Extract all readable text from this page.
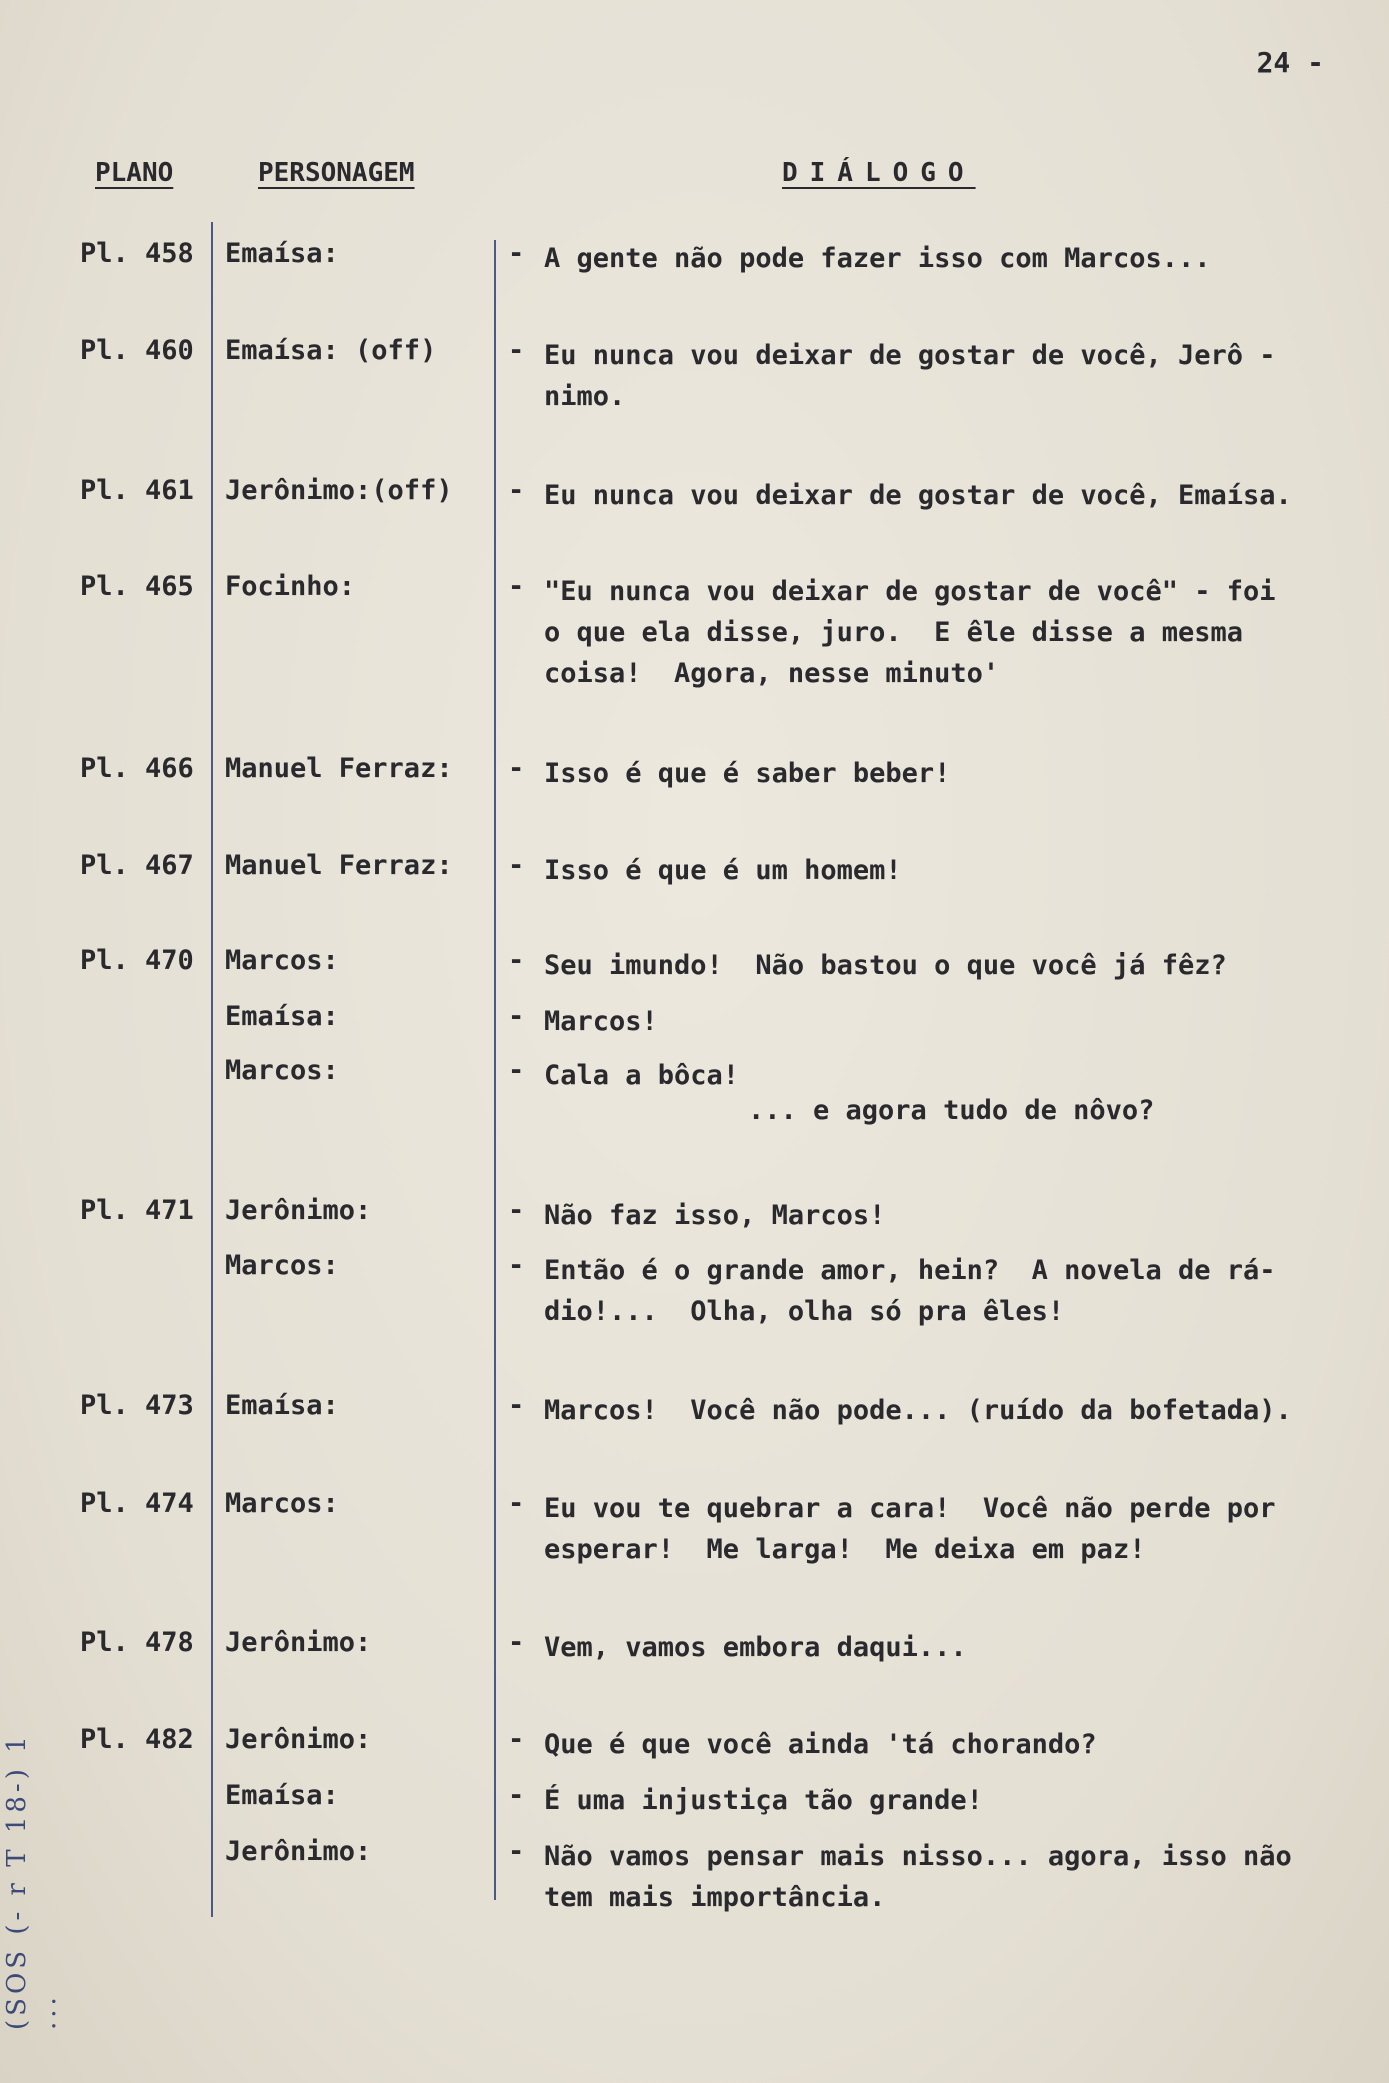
24 -
PLANO	PERSONAGEM	DIÁLOGO
Pl. 458 Emaísa:	- A gente não pode fazer isso com Marcos...
Pl. 460 Emaísa: (off)	- Eu nunca vou deixar de gostar de você, Jerô -
nimo.
Pl. 461 Jerônimo:(off) - Eu nunca vou deixar de gostar de você, Emaísa.
Pl. 465 Focinho:	- "Eu nunca vou deixar de gostar de você" - foi
o que ela disse, juro.  E êle disse a mesma
coisa!  Agora, nesse minuto'
Pl. 466 Manuel Ferraz: - Isso é que é saber beber!
Pl. 467 Manuel Ferraz: - Isso é que é um homem!
Pl. 470 Marcos:	- Seu imundo!  Não bastou o que você já fêz?
Emaísa:	- Marcos!
Marcos:	- Cala a bôca!
... e agora tudo de nôvo?
Pl. 471 Jerônimo:	- Não faz isso, Marcos!
Marcos:	- Então é o grande amor, hein?  A novela de rá-
dio!...  Olha, olha só pra êles!
Pl. 473 Emaísa:	- Marcos!  Você não pode... (ruído da bofetada).
Pl. 474 Marcos:	- Eu vou te quebrar a cara!  Você não perde por
esperar!  Me larga!  Me deixa em paz!
Pl. 478 Jerônimo:	- Vem, vamos embora daqui...
Pl. 482 Jerônimo:	- Que é que você ainda 'tá chorando?
Emaísa:	- É uma injustiça tão grande!
Jerônimo:	- Não vamos pensar mais nisso... agora, isso não
tem mais importância.
(SOS (- r T 18-) 1 ...
